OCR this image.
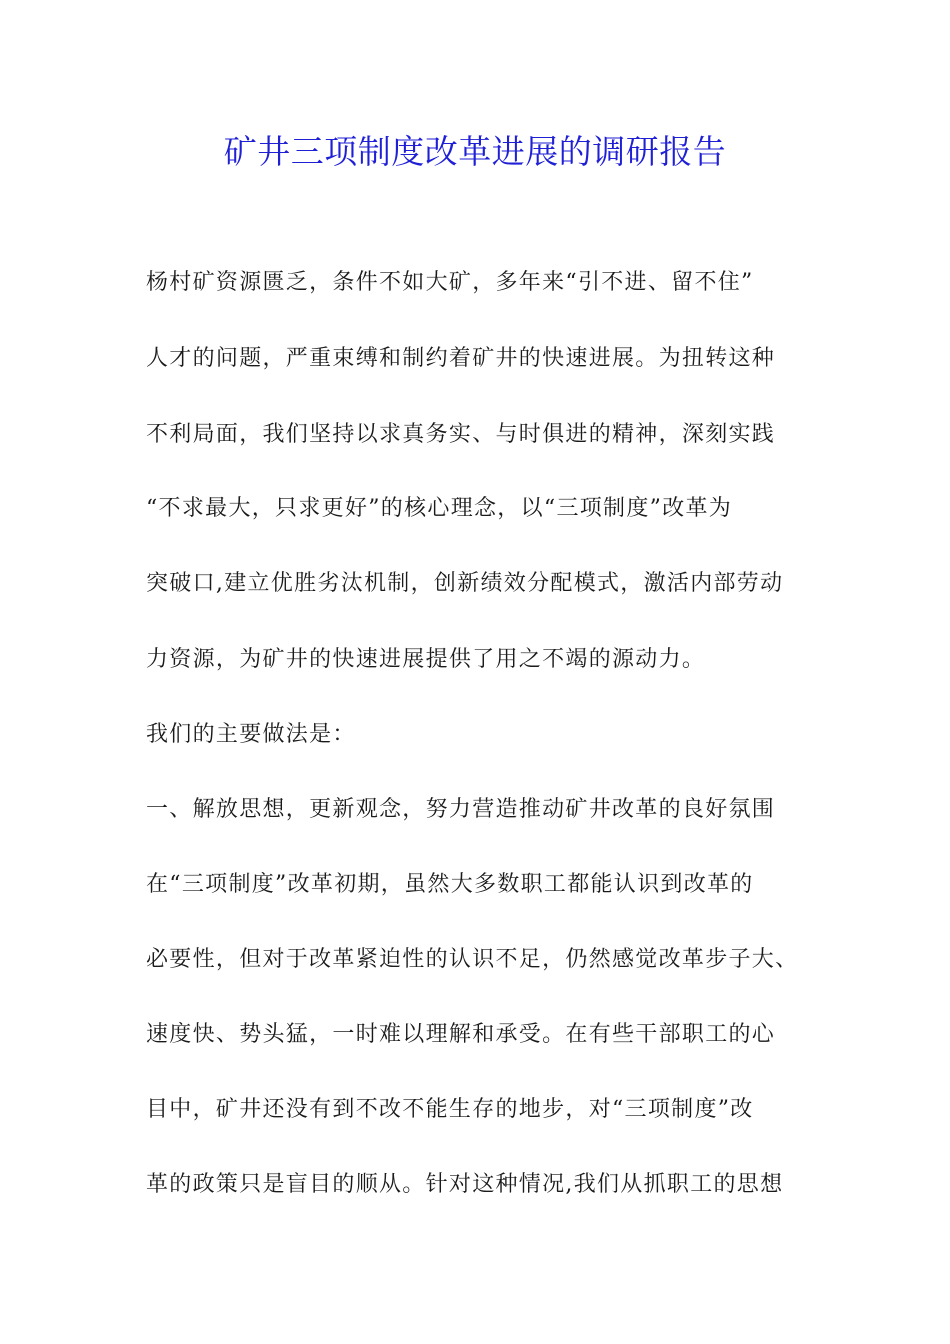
矿井三项制度改革进展的调研报告

杨村矿资源匮乏，条件不如大矿，多年来“引不进、留不住”

人才的问题，严重束缚和制约着矿井的快速进展。为扭转这种

不利局面，我们坚持以求真务实、与时俱进的精神，深刻实践

“不求最大，只求更好”的核心理念，以“三项制度”改革为

突破口,建立优胜劣汰机制，创新绩效分配模式，激活内部劳动

力资源，为矿井的快速进展提供了用之不竭的源动力。

我们的主要做法是：

一、解放思想，更新观念，努力营造推动矿井改革的良好氛围

在“三项制度”改革初期，虽然大多数职工都能认识到改革的

必要性，但对于改革紧迫性的认识不足，仍然感觉改革步子大、

速度快、势头猛，一时难以理解和承受。在有些干部职工的心

目中，矿井还没有到不改不能生存的地步，对“三项制度”改

革的政策只是盲目的顺从。针对这种情况,我们从抓职工的思想
